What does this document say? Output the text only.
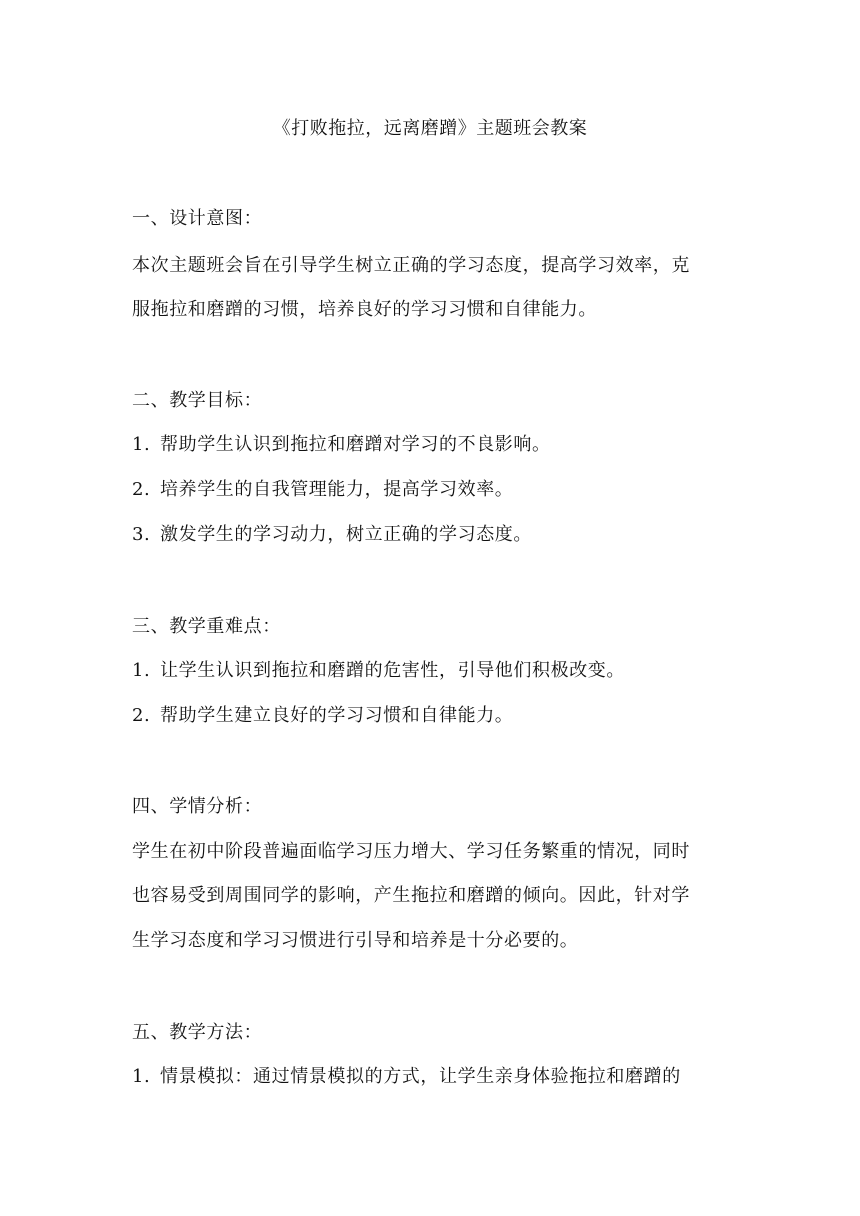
《打败拖拉，远离磨蹭》主题班会教案
一、设计意图：
本次主题班会旨在引导学生树立正确的学习态度，提高学习效率，克
服拖拉和磨蹭的习惯，培养良好的学习习惯和自律能力。
二、教学目标：
1. 帮助学生认识到拖拉和磨蹭对学习的不良影响。
2. 培养学生的自我管理能力，提高学习效率。
3. 激发学生的学习动力，树立正确的学习态度。
三、教学重难点：
1. 让学生认识到拖拉和磨蹭的危害性，引导他们积极改变。
2. 帮助学生建立良好的学习习惯和自律能力。
四、学情分析：
学生在初中阶段普遍面临学习压力增大、学习任务繁重的情况，同时
也容易受到周围同学的影响，产生拖拉和磨蹭的倾向。因此，针对学
生学习态度和学习习惯进行引导和培养是十分必要的。
五、教学方法：
1. 情景模拟：通过情景模拟的方式，让学生亲身体验拖拉和磨蹭的
